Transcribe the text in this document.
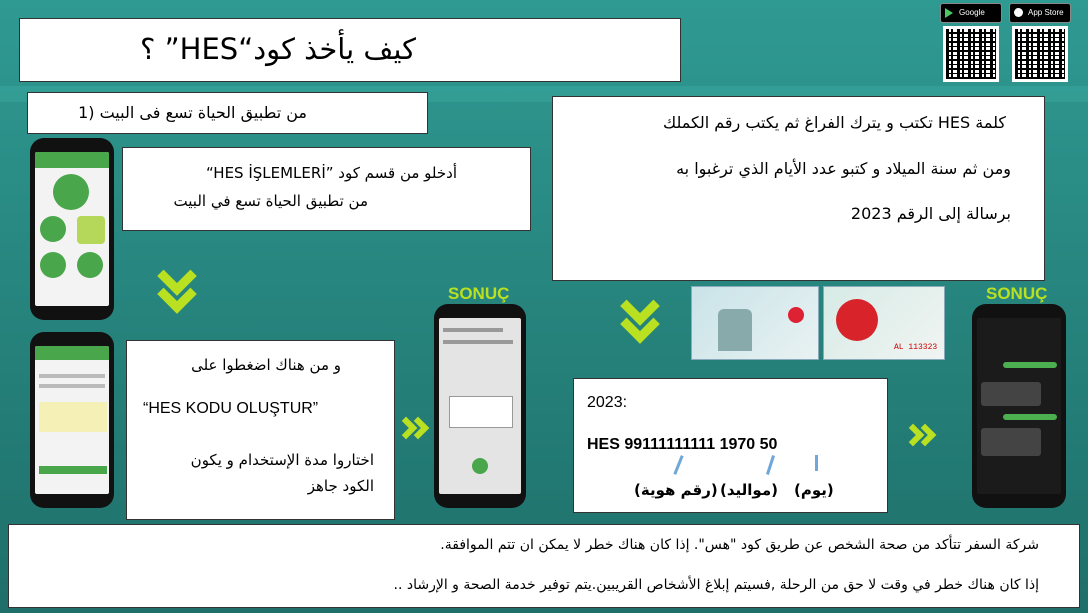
كيف يأخذ كود“HES” ؟
Google	App Store
من تطبيق الحياة تسع فى البيت (1
“HES İŞLEMLERİ” أدخلو من قسم كود
من تطبيق الحياة تسع في البيت
و من هناك اضغطوا على
“HES KODU OLUŞTUR”
اختاروا مدة الإستخدام و يكون
الكود جاهز
SONUÇ
كلمة HES تكتب و يترك الفراغ ثم يكتب رقم الكملك
ومن ثم سنة الميلاد و كتبو عدد الأيام الذي ترغبوا به
برسالة إلى الرقم 2023
AL 113323
2023:
HES 99111111111 1970 50
(يوم)
(مواليد)
(رقم هوية)
SONUÇ
شركة السفر تتأكد من صحة الشخص عن طريق كود "هس". إذا كان هناك خطر لا يمكن ان تتم الموافقة.
إذا كان هناك خطر في وقت لا حق من الرحلة ,فسيتم إبلاغ الأشخاص القريبين.يتم توفير خدمة الصحة و الإرشاد ..
